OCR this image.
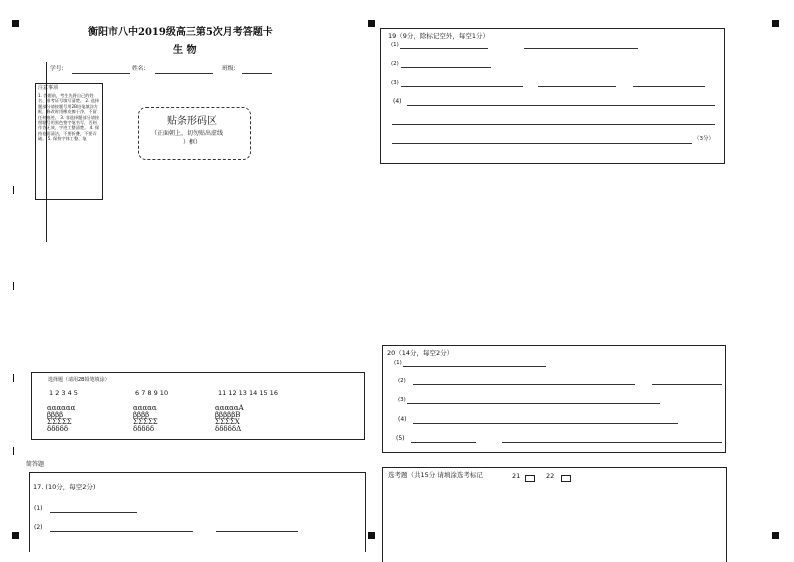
衡阳市八中2019级高三第5次月考答题卡
生 物
学号:	姓名:	班级:
注意事项
1. 答题前，考生先将自己的姓名、准考证号填写清楚。 2. 选择题部分请按题号用2B铅笔填涂方框，修改时用橡皮擦干净，不留任何痕迹。 3. 非选择题部分请按照题号用黑色签字笔书写，否则作答无效，字迹工整清楚。 4. 保持卷面清洁，不要折叠，不要弄破。 5. 保持字体工整、笔
贴条形码区
（正面朝上，切勿贴出虚线
）框）
选择题（请用2B铅笔填涂）
1 2 3 4 5	6 7 8 9 10	11 12 13 14 15 16
αααααα
ββββ
ΣΣΣΣΣ
δδδδδ
ααααα
ββββ
ΣΣΣΣΣ
δδδδδ
αααααΑ
βββββΒ
ΣΣΣΣΧ
δδδδδΔ
简答题
17. (10分，每空2分)
(1)
(2)
19（9分，除标记空外，每空1分）
(1)
(2)
(3)
(4)
（3分）
20（14分，每空2分）
(1)
(2)
(3)
(4)
(5)
选考题（共15分 请填涂选考标记	21	22
